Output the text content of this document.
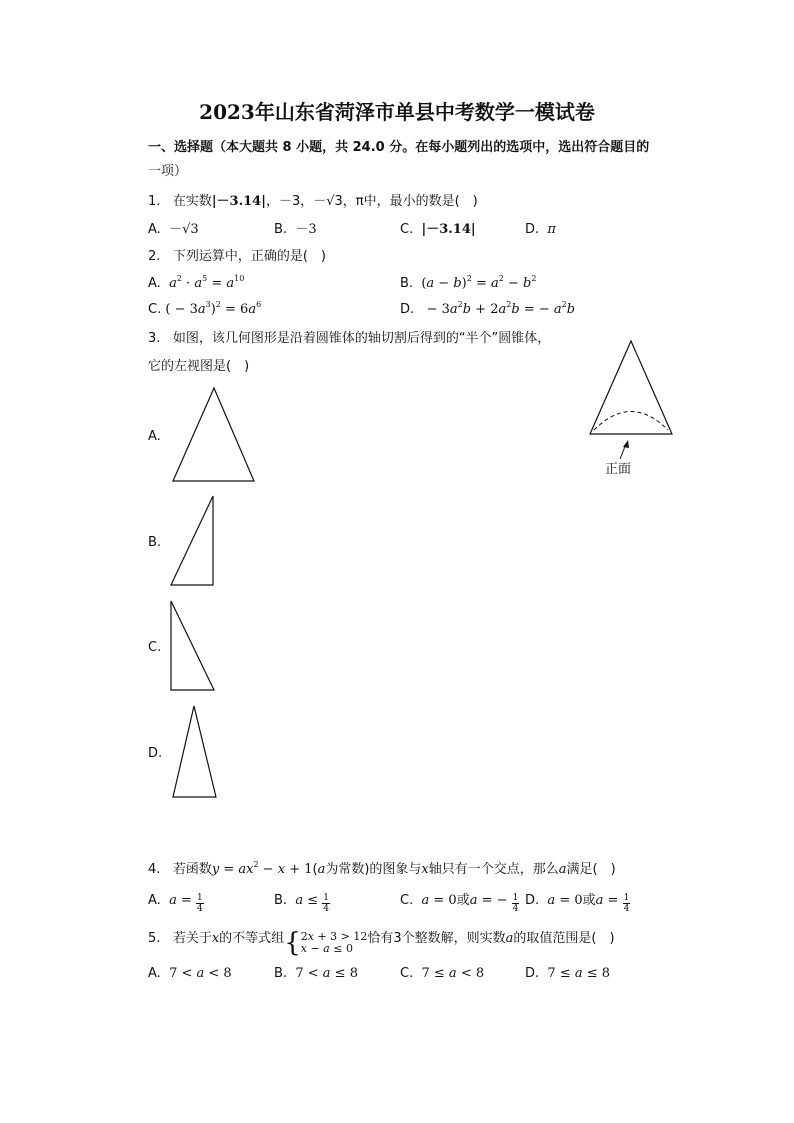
2023年山东省菏泽市单县中考数学一模试卷
一、选择题（本大题共 8 小题，共 24.0 分。在每小题列出的选项中，选出符合题目的
一项）
1. 在实数|－3.14|，－3，－√3，π中，最小的数是(　)
A. －√3	B. －3	C. |－3.14|	D. π
2. 下列运算中，正确的是(　)
A. $a^2 \cdot a^5 = a^{10}$	B. $(a - b)^2 = a^2 - b^2$
C. ( − $3a^3)^2 = 6a^6$	D. − $3a^2b + 2a^2b$ = − $a^2b$
3. 如图，该几何图形是沿着圆锥体的轴切割后得到的“半个”圆锥体，
它的左视图是(　)
正面
A.
B.
C.
D.
4. 若函数$y = ax^2 - x + 1(a$为常数)的图象与x轴只有一个交点，那么a满足(　)
A. $a = \frac{1}{4}$	B. $a \le \frac{1}{4}$	C. a = 0或a = − $\frac{1}{4} D$. a = 0或$a = \frac{1}{4}$
5. 若关于x的不等式组{ 2x + 3 > 12
x − a ≤ 0
恰有3个整数解，则实数a的取值范围是(　)
A. 7 < a < 8	B. 7 < a ≤ 8	C. 7 ≤ a < 8	D. 7 ≤ a ≤ 8
